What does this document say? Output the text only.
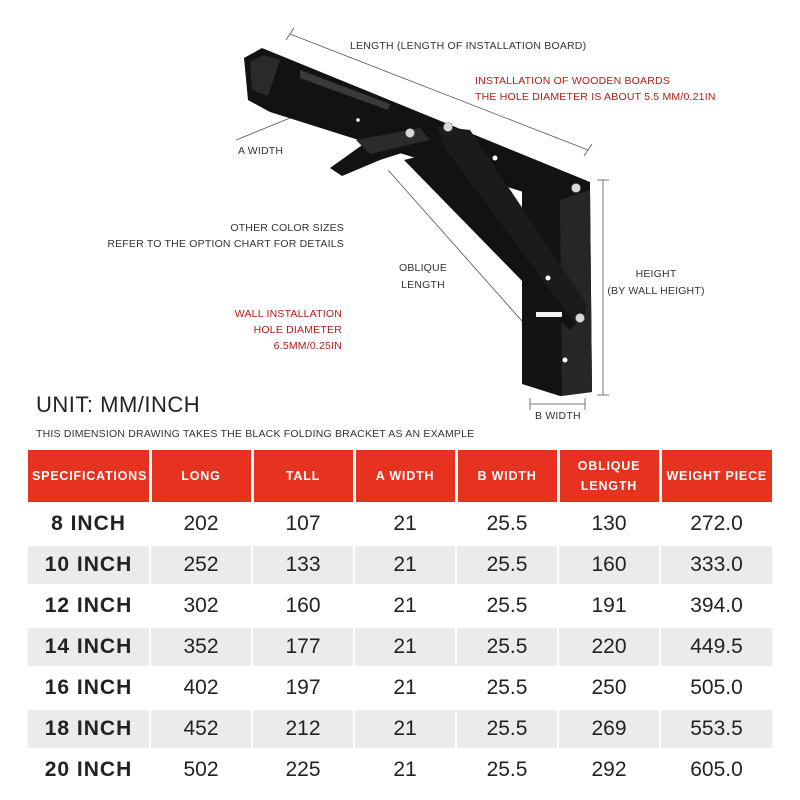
LENGTH (LENGTH OF INSTALLATION BOARD)
INSTALLATION OF WOODEN BOARDS
THE HOLE DIAMETER IS ABOUT 5.5 MM/0.21IN
A WIDTH
OTHER COLOR SIZES
REFER TO THE OPTION CHART FOR DETAILS
OBLIQUE
LENGTH
HEIGHT
(BY WALL HEIGHT)
WALL INSTALLATION
HOLE DIAMETER
6.5MM/0.25IN
B WIDTH
UNIT: MM/INCH
THIS DIMENSION DRAWING TAKES THE BLACK FOLDING BRACKET AS AN EXAMPLE
SPECIFICATIONS	LONG	TALL	A WIDTH	B WIDTH	OBLIQUE LENGTH	WEIGHT PIECE
8 INCH	202	107	21	25.5	130	272.0
10 INCH	252	133	21	25.5	160	333.0
12 INCH	302	160	21	25.5	191	394.0
14 INCH	352	177	21	25.5	220	449.5
16 INCH	402	197	21	25.5	250	505.0
18 INCH	452	212	21	25.5	269	553.5
20 INCH	502	225	21	25.5	292	605.0
